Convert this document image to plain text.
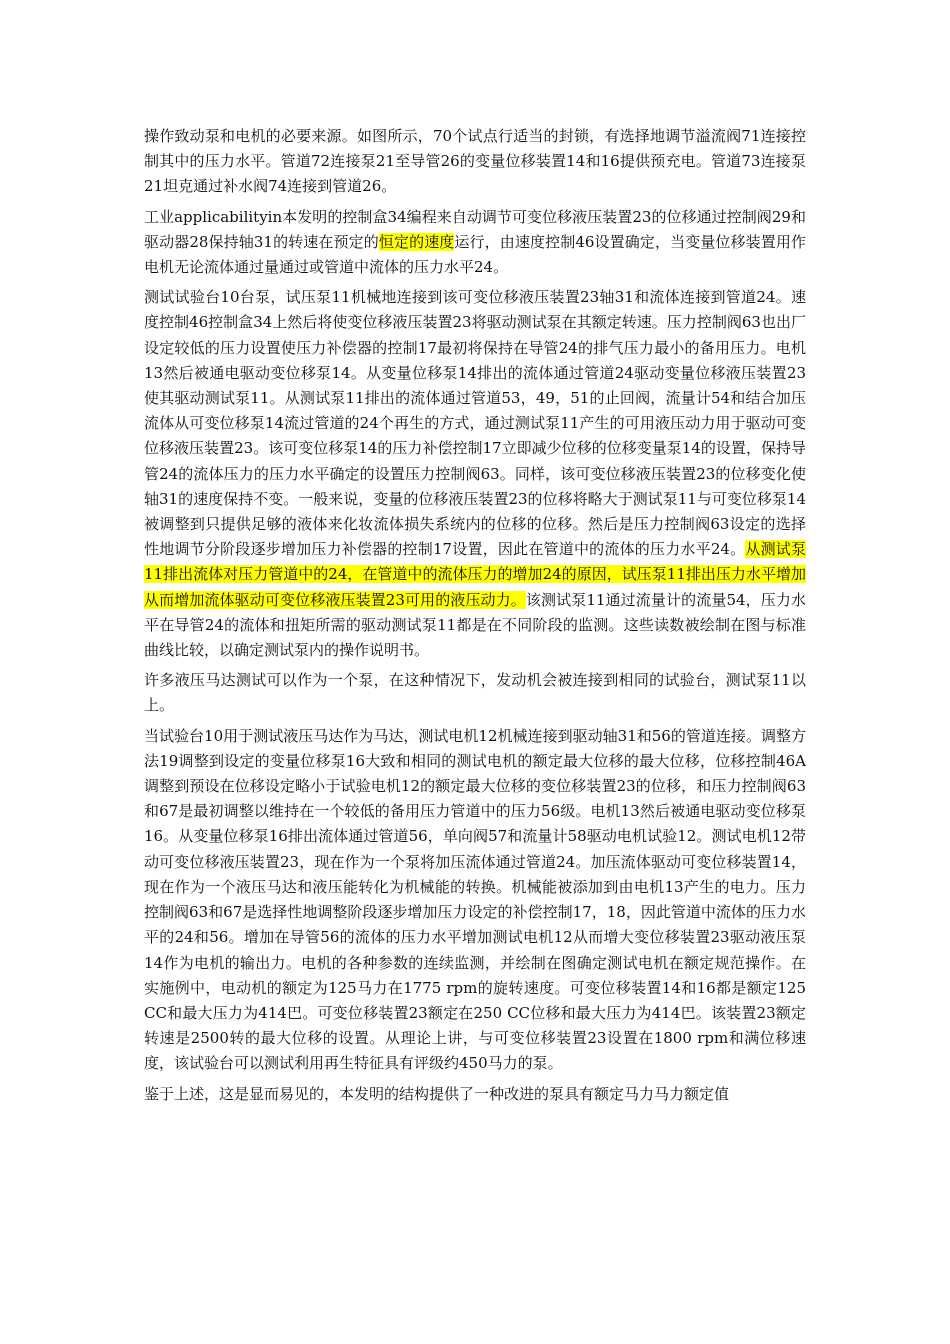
操作致动泵和电机的必要来源。如图所示，70个试点行适当的封锁，有选择地调节溢流阀71连接控制其中的压力水平。管道72连接泵21至导管26的变量位移装置14和16提供预充电。管道73连接泵21坦克通过补水阀74连接到管道26。

工业applicabilityin本发明的控制盒34编程来自动调节可变位移液压装置23的位移通过控制阀29和驱动器28保持轴31的转速在预定的恒定的速度运行，由速度控制46设置确定，当变量位移装置用作电机无论流体通过量通过或管道中流体的压力水平24。

测试试验台10台泵，试压泵11机械地连接到该可变位移液压装置23轴31和流体连接到管道24。速度控制46控制盒34上然后将使变位移液压装置23将驱动测试泵在其额定转速。压力控制阀63也出厂设定较低的压力设置使压力补偿器的控制17最初将保持在导管24的排气压力最小的备用压力。电机13然后被通电驱动变位移泵14。从变量位移泵14排出的流体通过管道24驱动变量位移液压装置23使其驱动测试泵11。从测试泵11排出的流体通过管道53，49，51的止回阀，流量计54和结合加压流体从可变位移泵14流过管道的24个再生的方式，通过测试泵11产生的可用液压动力用于驱动可变位移液压装置23。该可变位移泵14的压力补偿控制17立即减少位移的位移变量泵14的设置，保持导管24的流体压力的压力水平确定的设置压力控制阀63。同样，该可变位移液压装置23的位移变化使轴31的速度保持不变。一般来说，变量的位移液压装置23的位移将略大于测试泵11与可变位移泵14被调整到只提供足够的液体来化妆流体损失系统内的位移的位移。然后是压力控制阀63设定的选择性地调节分阶段逐步增加压力补偿器的控制17设置，因此在管道中的流体的压力水平24。从测试泵11排出流体对压力管道中的24，在管道中的流体压力的增加24的原因，试压泵11排出压力水平增加从而增加流体驱动可变位移液压装置23可用的液压动力。该测试泵11通过流量计的流量54，压力水平在导管24的流体和扭矩所需的驱动测试泵11都是在不同阶段的监测。这些读数被绘制在图与标准曲线比较，以确定测试泵内的操作说明书。

许多液压马达测试可以作为一个泵，在这种情况下，发动机会被连接到相同的试验台，测试泵11以上。

当试验台10用于测试液压马达作为马达，测试电机12机械连接到驱动轴31和56的管道连接。调整方法19调整到设定的变量位移泵16大致和相同的测试电机的额定最大位移的最大位移，位移控制46A调整到预设在位移设定略小于试验电机12的额定最大位移的变位移装置23的位移，和压力控制阀63和67是最初调整以维持在一个较低的备用压力管道中的压力56级。电机13然后被通电驱动变位移泵16。从变量位移泵16排出流体通过管道56，单向阀57和流量计58驱动电机试验12。测试电机12带动可变位移液压装置23，现在作为一个泵将加压流体通过管道24。加压流体驱动可变位移装置14，现在作为一个液压马达和液压能转化为机械能的转换。机械能被添加到由电机13产生的电力。压力控制阀63和67是选择性地调整阶段逐步增加压力设定的补偿控制17，18，因此管道中流体的压力水平的24和56。增加在导管56的流体的压力水平增加测试电机12从而增大变位移装置23驱动液压泵14作为电机的输出力。电机的各种参数的连续监测，并绘制在图确定测试电机在额定规范操作。在实施例中，电动机的额定为125马力在1775 rpm的旋转速度。可变位移装置14和16都是额定125 CC和最大压力为414巴。可变位移装置23额定在250 CC位移和最大压力为414巴。该装置23额定转速是2500转的最大位移的设置。从理论上讲，与可变位移装置23设置在1800 rpm和满位移速度，该试验台可以测试利用再生特征具有评级约450马力的泵。

鉴于上述，这是显而易见的，本发明的结构提供了一种改进的泵具有额定马力马力额定值
